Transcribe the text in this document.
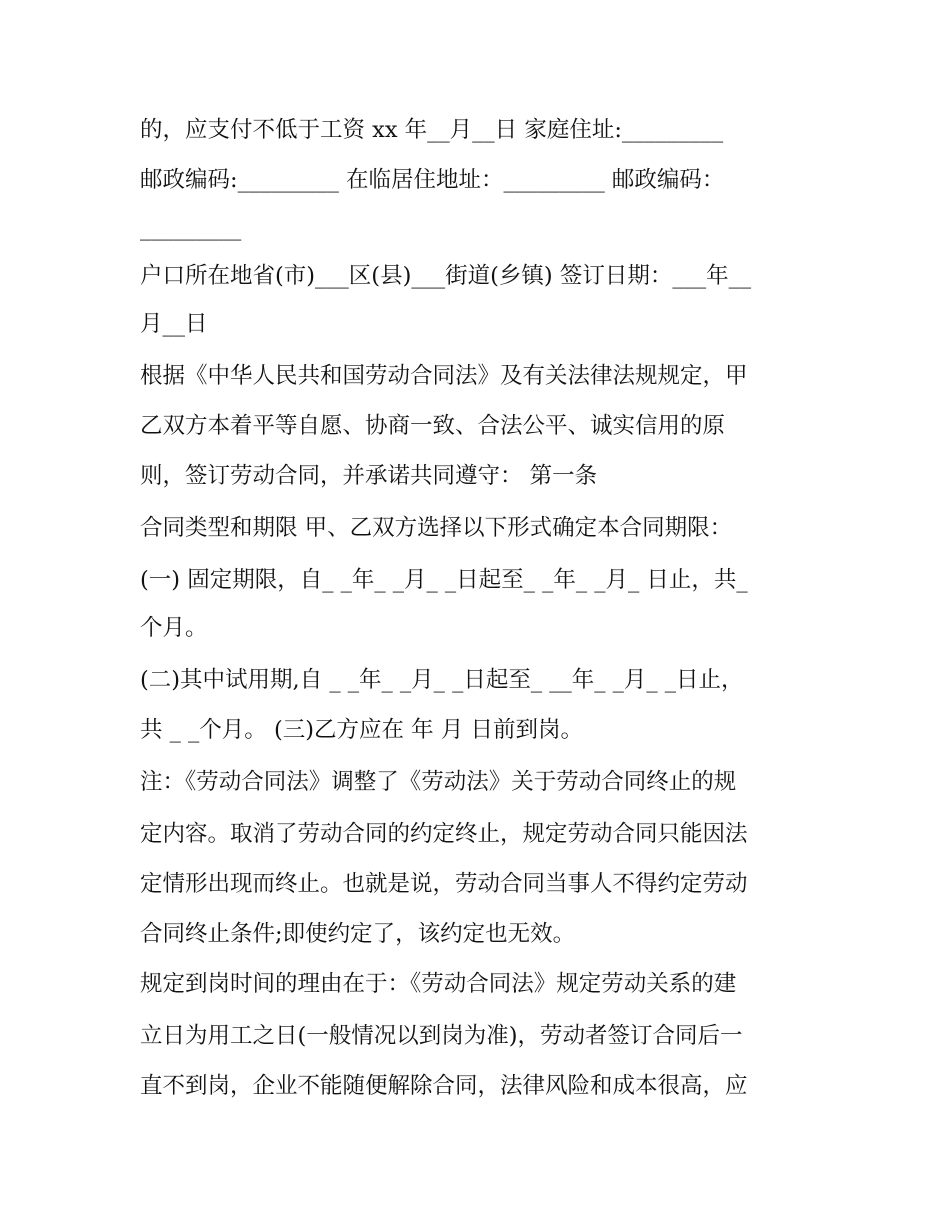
的，应支付不低于工资 xx 年__月__日 家庭住址:_________
邮政编码:_________ 在临居住地址：_________ 邮政编码：
_________
户口所在地省(市)___区(县)___街道(乡镇) 签订日期：___年__
月__日
根据《中华人民共和国劳动合同法》及有关法律法规规定，甲
乙双方本着平等自愿、协商一致、合法公平、诚实信用的原
则，签订劳动合同，并承诺共同遵守： 第一条
合同类型和期限 甲、乙双方选择以下形式确定本合同期限：
(一) 固定期限，自_ _年_ _月_ _日起至_ _年_ _月_ 日止，共_
个月。
(二)其中试用期,自 _ _年_ _月_ _日起至_ __年_ _月_ _日止，
共 _ _个月。 (三)乙方应在 年 月 日前到岗。
注：《劳动合同法》调整了《劳动法》关于劳动合同终止的规
定内容。取消了劳动合同的约定终止，规定劳动合同只能因法
定情形出现而终止。也就是说，劳动合同当事人不得约定劳动
合同终止条件;即使约定了，该约定也无效。
规定到岗时间的理由在于：《劳动合同法》规定劳动关系的建
立日为用工之日(一般情况以到岗为准)，劳动者签订合同后一
直不到岗，企业不能随便解除合同，法律风险和成本很高，应
